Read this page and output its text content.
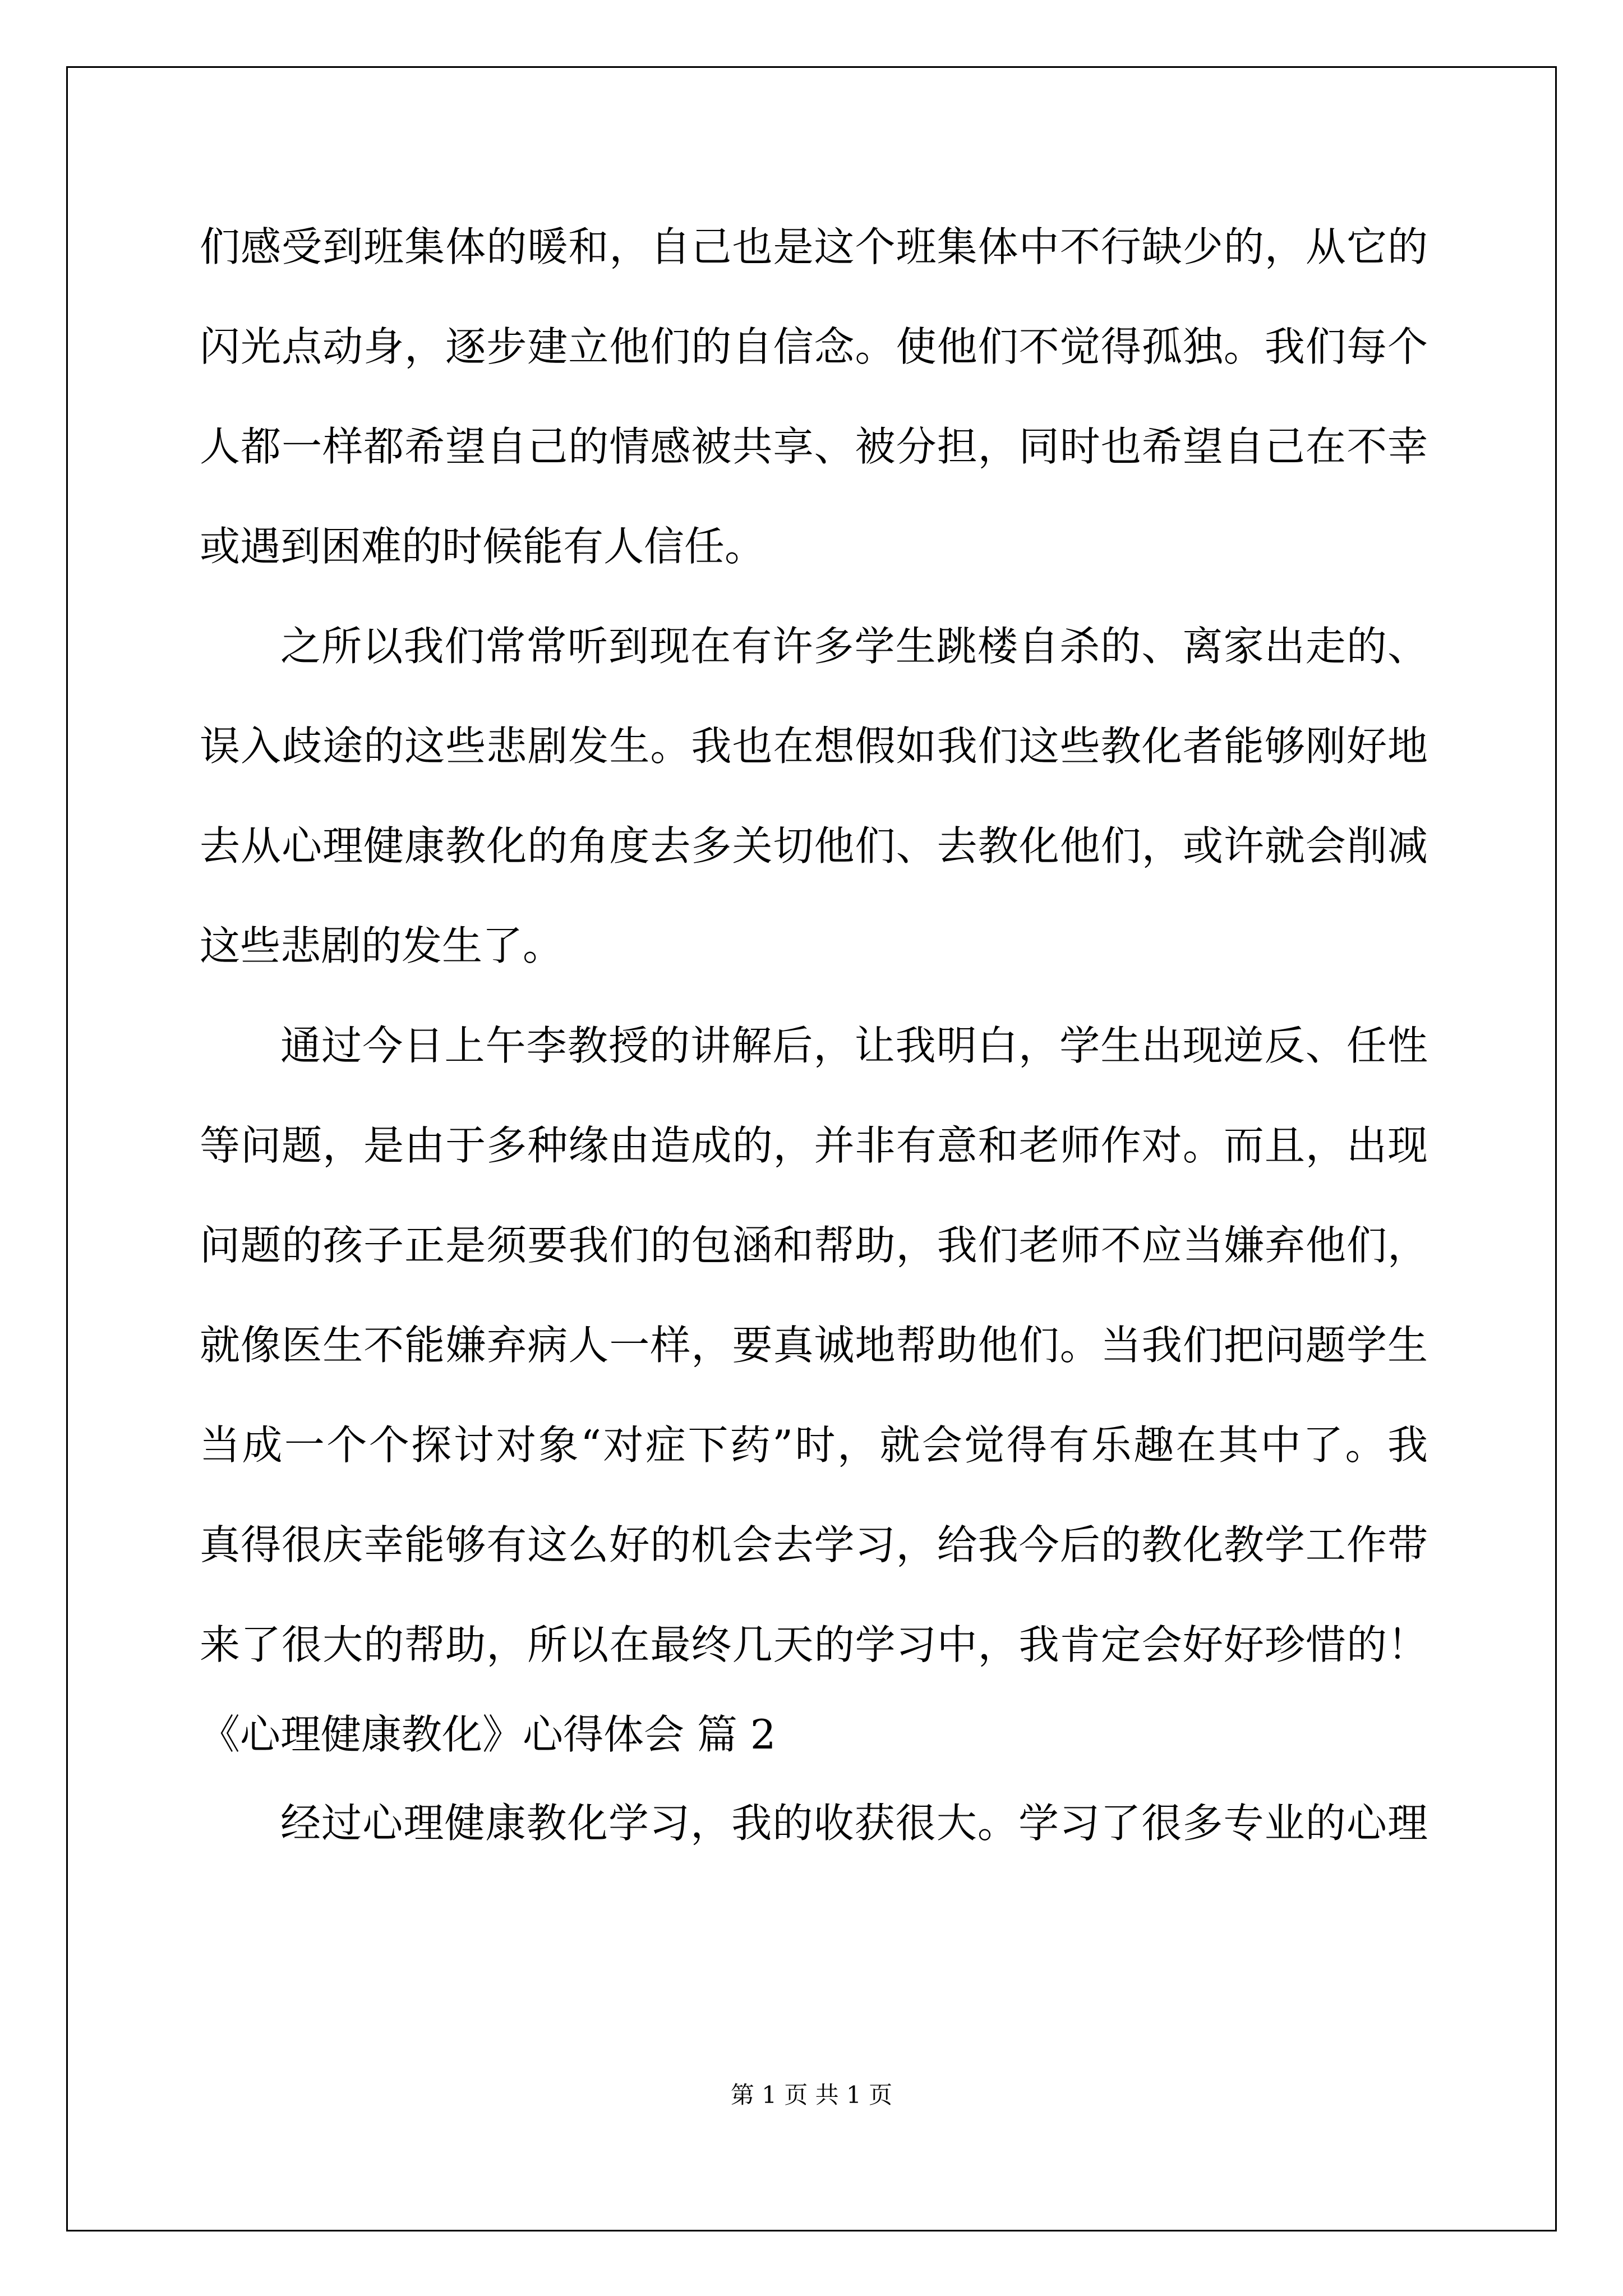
们感受到班集体的暖和，自己也是这个班集体中不行缺少的，从它的
闪光点动身，逐步建立他们的自信念。使他们不觉得孤独。我们每个
人都一样都希望自己的情感被共享、被分担，同时也希望自己在不幸
或遇到困难的时候能有人信任。
之所以我们常常听到现在有许多学生跳楼自杀的、离家出走的、
误入歧途的这些悲剧发生。我也在想假如我们这些教化者能够刚好地
去从心理健康教化的角度去多关切他们、去教化他们，或许就会削减
这些悲剧的发生了。
通过今日上午李教授的讲解后，让我明白，学生出现逆反、任性
等问题，是由于多种缘由造成的，并非有意和老师作对。而且，出现
问题的孩子正是须要我们的包涵和帮助，我们老师不应当嫌弃他们，
就像医生不能嫌弃病人一样，要真诚地帮助他们。当我们把问题学生
当成一个个探讨对象“对症下药”时，就会觉得有乐趣在其中了。我
真得很庆幸能够有这么好的机会去学习，给我今后的教化教学工作带
来了很大的帮助，所以在最终几天的学习中，我肯定会好好珍惜的！
《心理健康教化》心得体会 篇 2
经过心理健康教化学习，我的收获很大。学习了很多专业的心理
第 1 页 共 1 页
